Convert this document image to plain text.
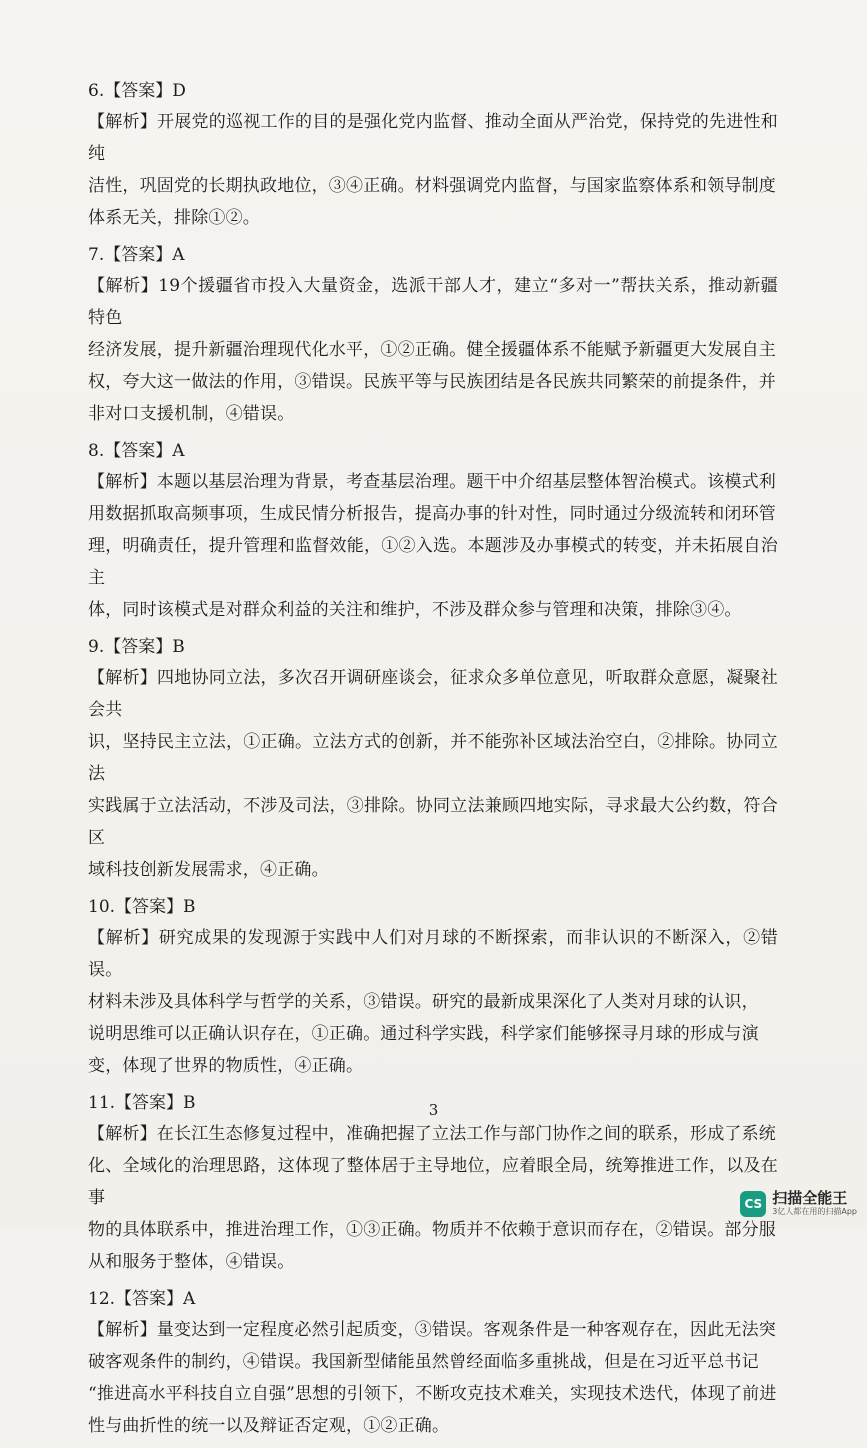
6.【答案】D

【解析】开展党的巡视工作的目的是强化党内监督、推动全面从严治党，保持党的先进性和纯

洁性，巩固党的长期执政地位，③④正确。材料强调党内监督，与国家监察体系和领导制度

体系无关，排除①②。

7.【答案】A

【解析】19个援疆省市投入大量资金，选派干部人才，建立“多对一”帮扶关系，推动新疆特色

经济发展，提升新疆治理现代化水平，①②正确。健全援疆体系不能赋予新疆更大发展自主

权，夸大这一做法的作用，③错误。民族平等与民族团结是各民族共同繁荣的前提条件，并

非对口支援机制，④错误。

8.【答案】A

【解析】本题以基层治理为背景，考查基层治理。题干中介绍基层整体智治模式。该模式利

用数据抓取高频事项，生成民情分析报告，提高办事的针对性，同时通过分级流转和闭环管

理，明确责任，提升管理和监督效能，①②入选。本题涉及办事模式的转变，并未拓展自治主

体，同时该模式是对群众利益的关注和维护，不涉及群众参与管理和决策，排除③④。

9.【答案】B

【解析】四地协同立法，多次召开调研座谈会，征求众多单位意见，听取群众意愿，凝聚社会共

识，坚持民主立法，①正确。立法方式的创新，并不能弥补区域法治空白，②排除。协同立法

实践属于立法活动，不涉及司法，③排除。协同立法兼顾四地实际，寻求最大公约数，符合区

域科技创新发展需求，④正确。

10.【答案】B

【解析】研究成果的发现源于实践中人们对月球的不断探索，而非认识的不断深入，②错误。

材料未涉及具体科学与哲学的关系，③错误。研究的最新成果深化了人类对月球的认识，

说明思维可以正确认识存在，①正确。通过科学实践，科学家们能够探寻月球的形成与演

变，体现了世界的物质性，④正确。

11.【答案】B

【解析】在长江生态修复过程中，准确把握了立法工作与部门协作之间的联系，形成了系统

化、全域化的治理思路，这体现了整体居于主导地位，应着眼全局，统筹推进工作，以及在事

物的具体联系中，推进治理工作，①③正确。物质并不依赖于意识而存在，②错误。部分服

从和服务于整体，④错误。

12.【答案】A

【解析】量变达到一定程度必然引起质变，③错误。客观条件是一种客观存在，因此无法突

破客观条件的制约，④错误。我国新型储能虽然曾经面临多重挑战，但是在习近平总书记

“推进高水平科技自立自强”思想的引领下，不断攻克技术难关，实现技术迭代，体现了前进

性与曲折性的统一以及辩证否定观，①②正确。

3
CS 扫描全能王
3亿人都在用的扫描App
